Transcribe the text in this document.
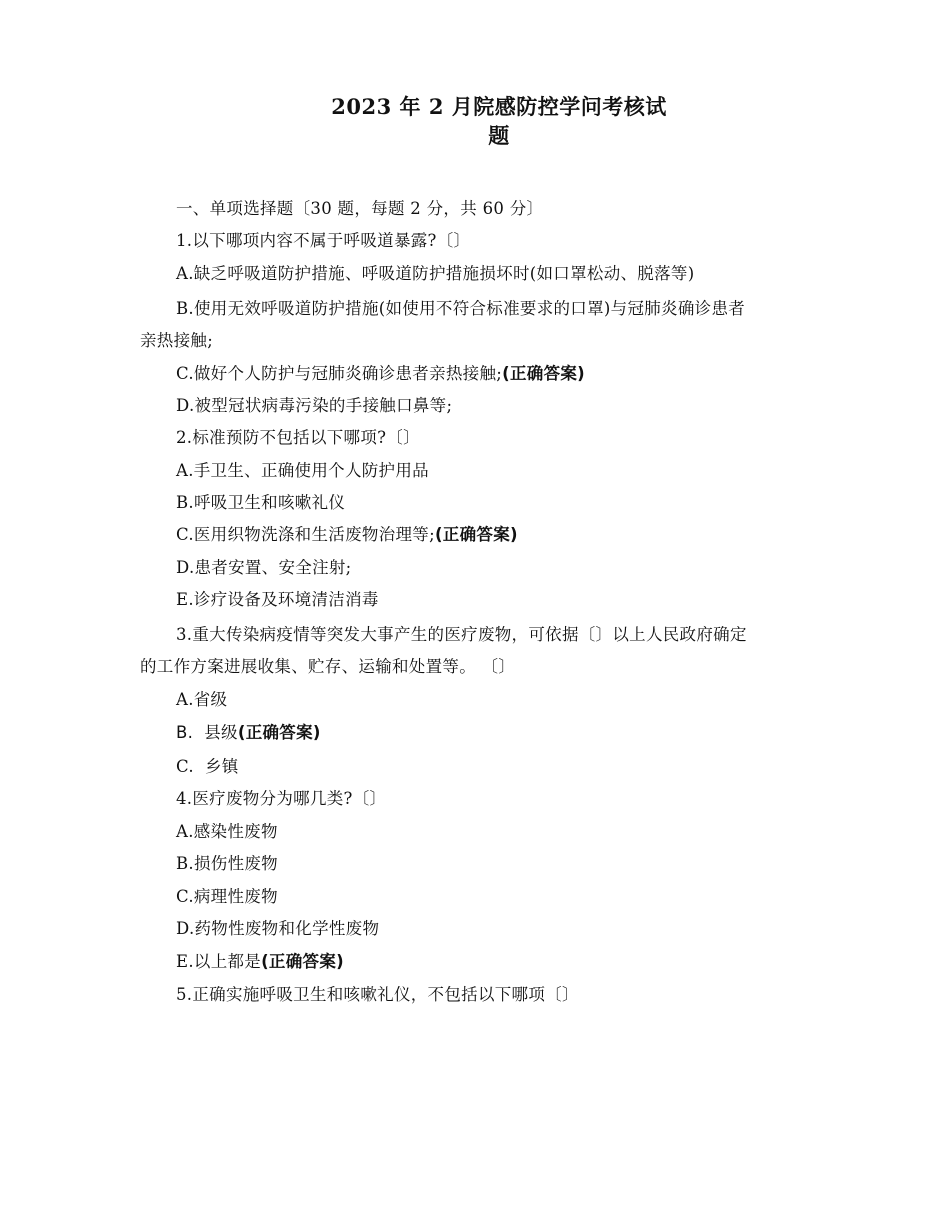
2023 年 2 月院感防控学问考核试
题
一、单项选择题〔30 题，每题 2 分，共 60 分〕
1.以下哪项内容不属于呼吸道暴露?〔〕
A.缺乏呼吸道防护措施、呼吸道防护措施损坏时(如口罩松动、脱落等)
B.使用无效呼吸道防护措施(如使用不符合标准要求的口罩)与冠肺炎确诊患者
亲热接触;
C.做好个人防护与冠肺炎确诊患者亲热接触;(正确答案)
D.被型冠状病毒污染的手接触口鼻等;
2.标准预防不包括以下哪项?〔〕
A.手卫生、正确使用个人防护用品
B.呼吸卫生和咳嗽礼仪
C.医用织物洗涤和生活废物治理等;(正确答案)
D.患者安置、安全注射;
E.诊疗设备及环境清洁消毒
3.重大传染病疫情等突发大事产生的医疗废物，可依据〔〕以上人民政府确定
的工作方案进展收集、贮存、运输和处置等。 〔〕
A.省级
B.  县级(正确答案)
C.  乡镇
4.医疗废物分为哪几类?〔〕
A.感染性废物
B.损伤性废物
C.病理性废物
D.药物性废物和化学性废物
E.以上都是(正确答案)
5.正确实施呼吸卫生和咳嗽礼仪，不包括以下哪项〔〕
